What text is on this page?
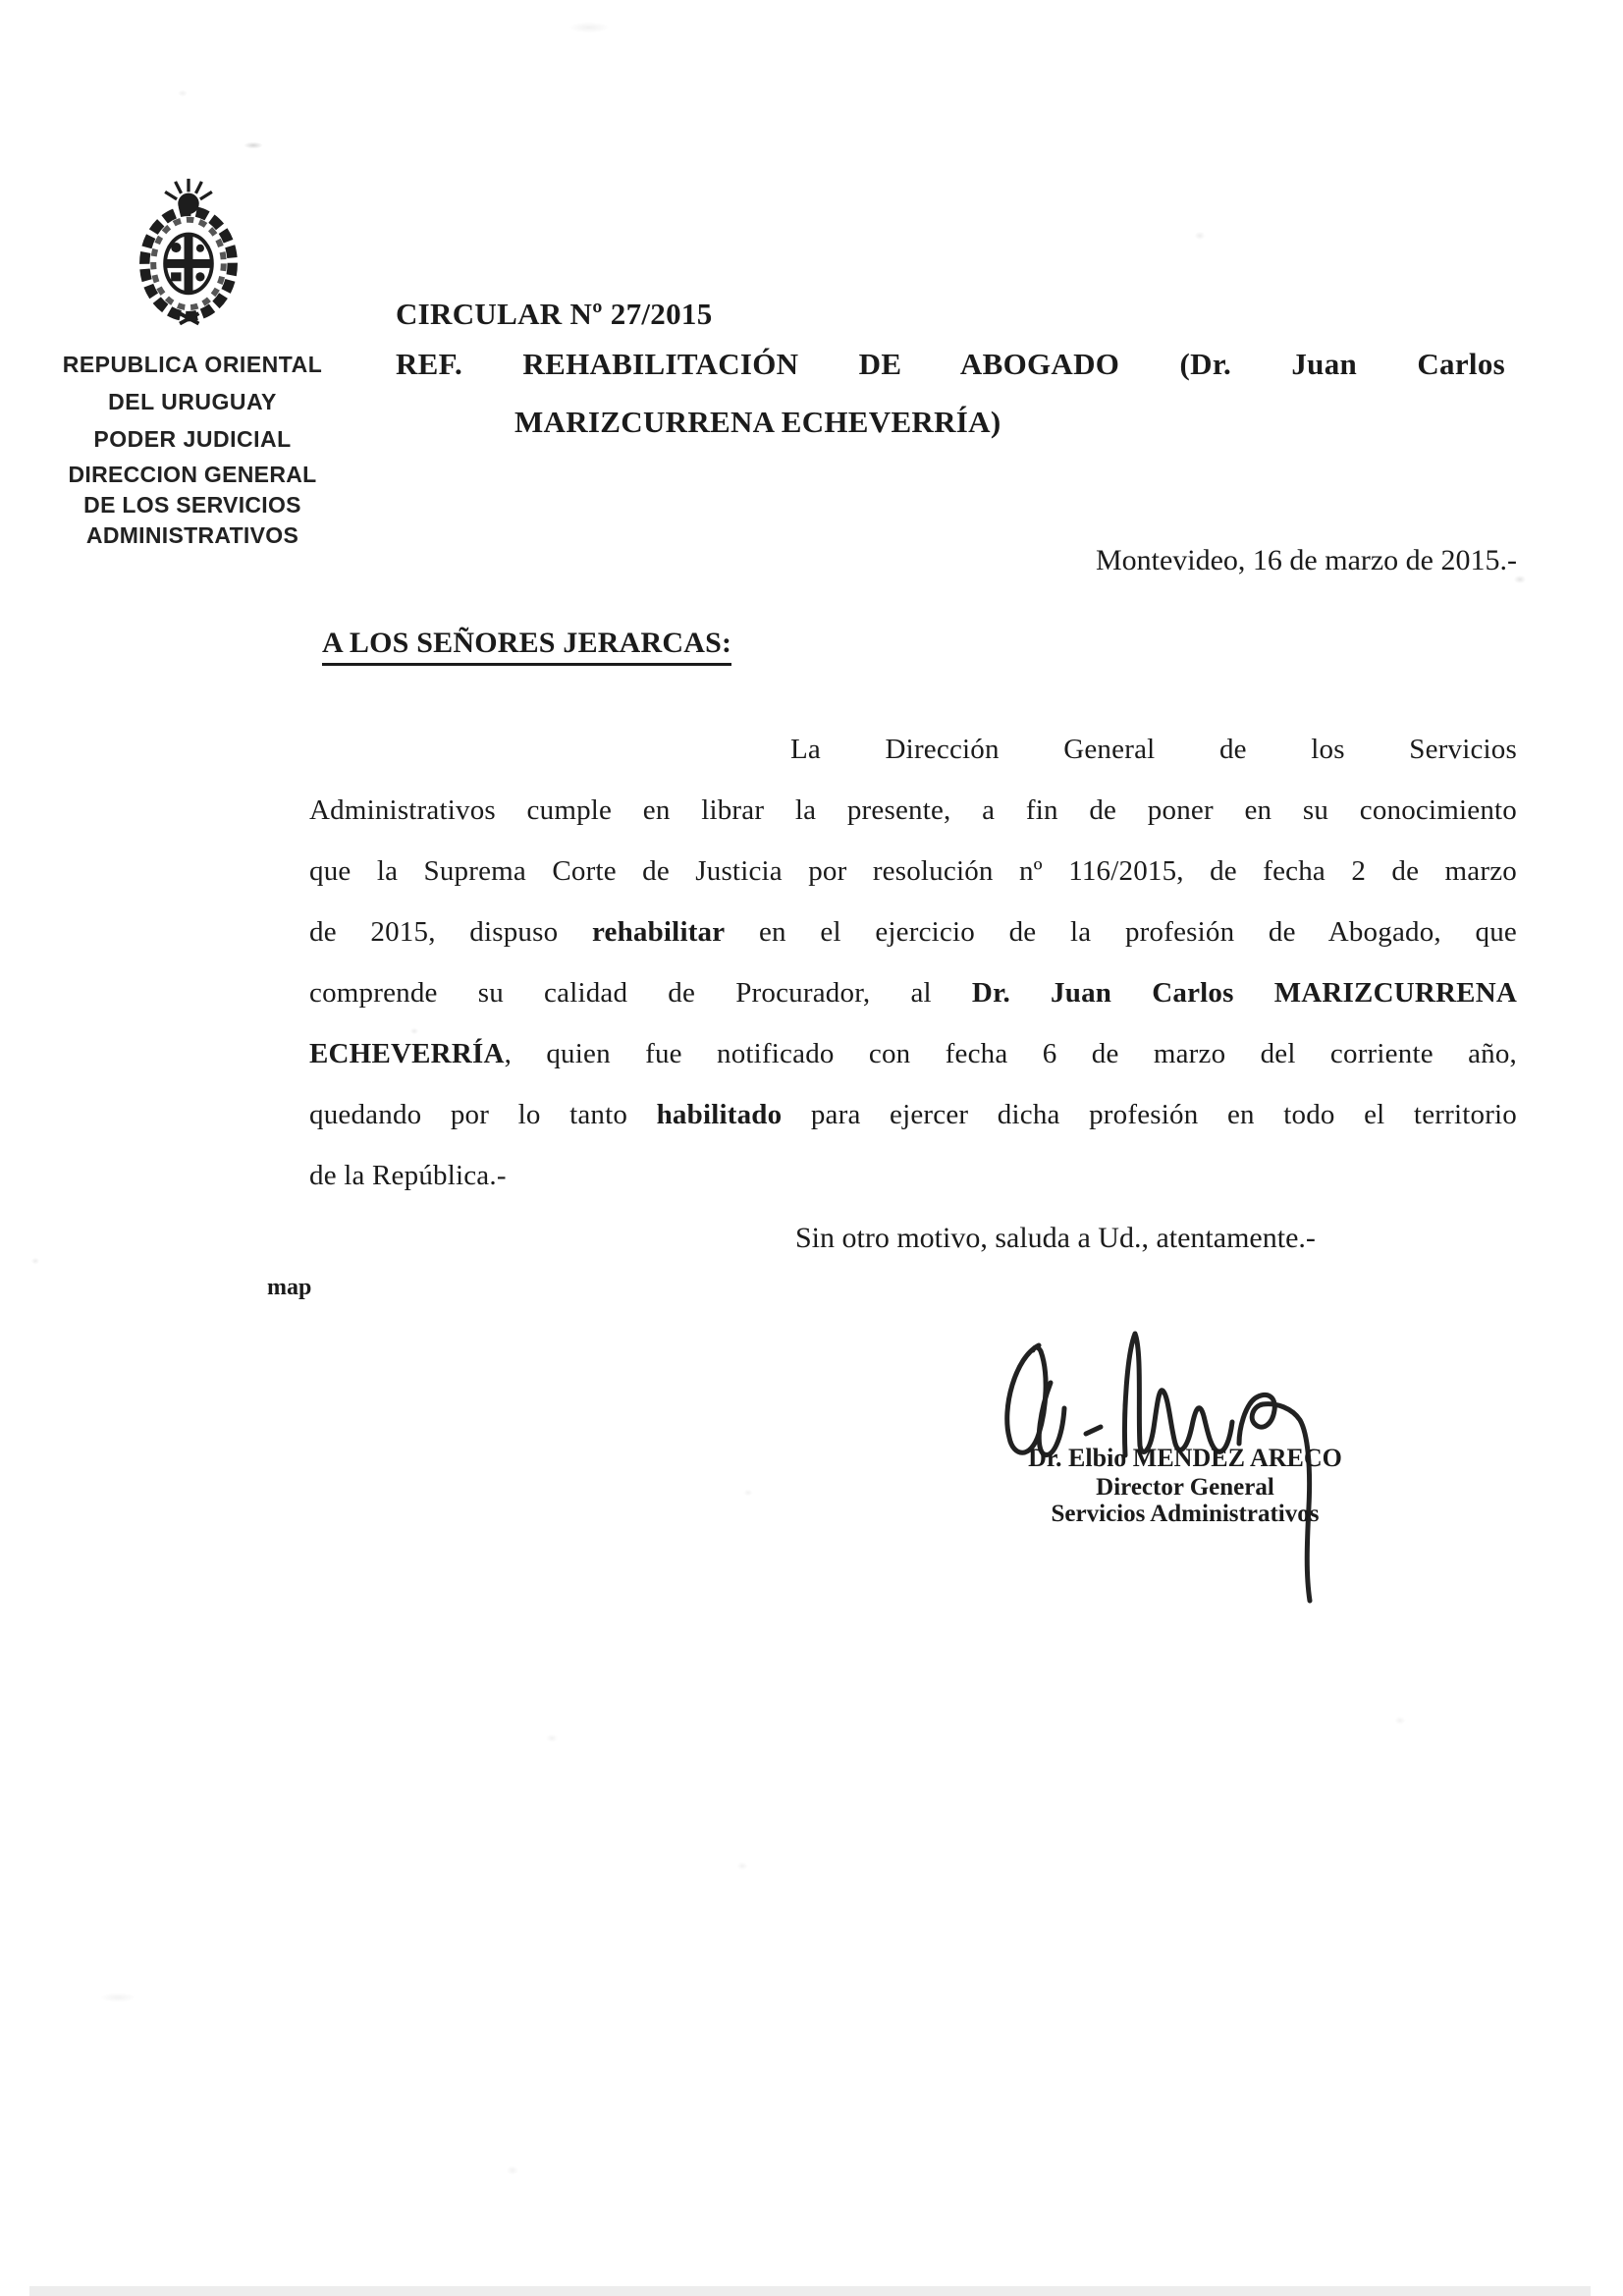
REPUBLICA ORIENTAL
DEL URUGUAY
PODER JUDICIAL
DIRECCION GENERAL
DE LOS SERVICIOS
ADMINISTRATIVOS
CIRCULAR Nº 27/2015
REF. REHABILITACIÓN DE ABOGADO (Dr. Juan Carlos
MARIZCURRENA ECHEVERRÍA)
Montevideo, 16 de marzo de 2015.-
A LOS SEÑORES JERARCAS:
La Dirección General de los Servicios
Administrativos cumple en librar la presente, a fin de poner en su conocimiento
que la Suprema Corte de Justicia por resolución nº 116/2015, de fecha 2 de marzo
de 2015, dispuso rehabilitar en el ejercicio de la profesión de Abogado, que
comprende su calidad de Procurador, al Dr. Juan Carlos MARIZCURRENA
ECHEVERRÍA, quien fue notificado con fecha 6 de marzo del corriente año,
quedando por lo tanto habilitado para ejercer dicha profesión en todo el territorio
de la República.-
Sin otro motivo, saluda a Ud., atentamente.-
map
Dr. Elbio MENDEZ ARECO
Director General
Servicios Administrativos
